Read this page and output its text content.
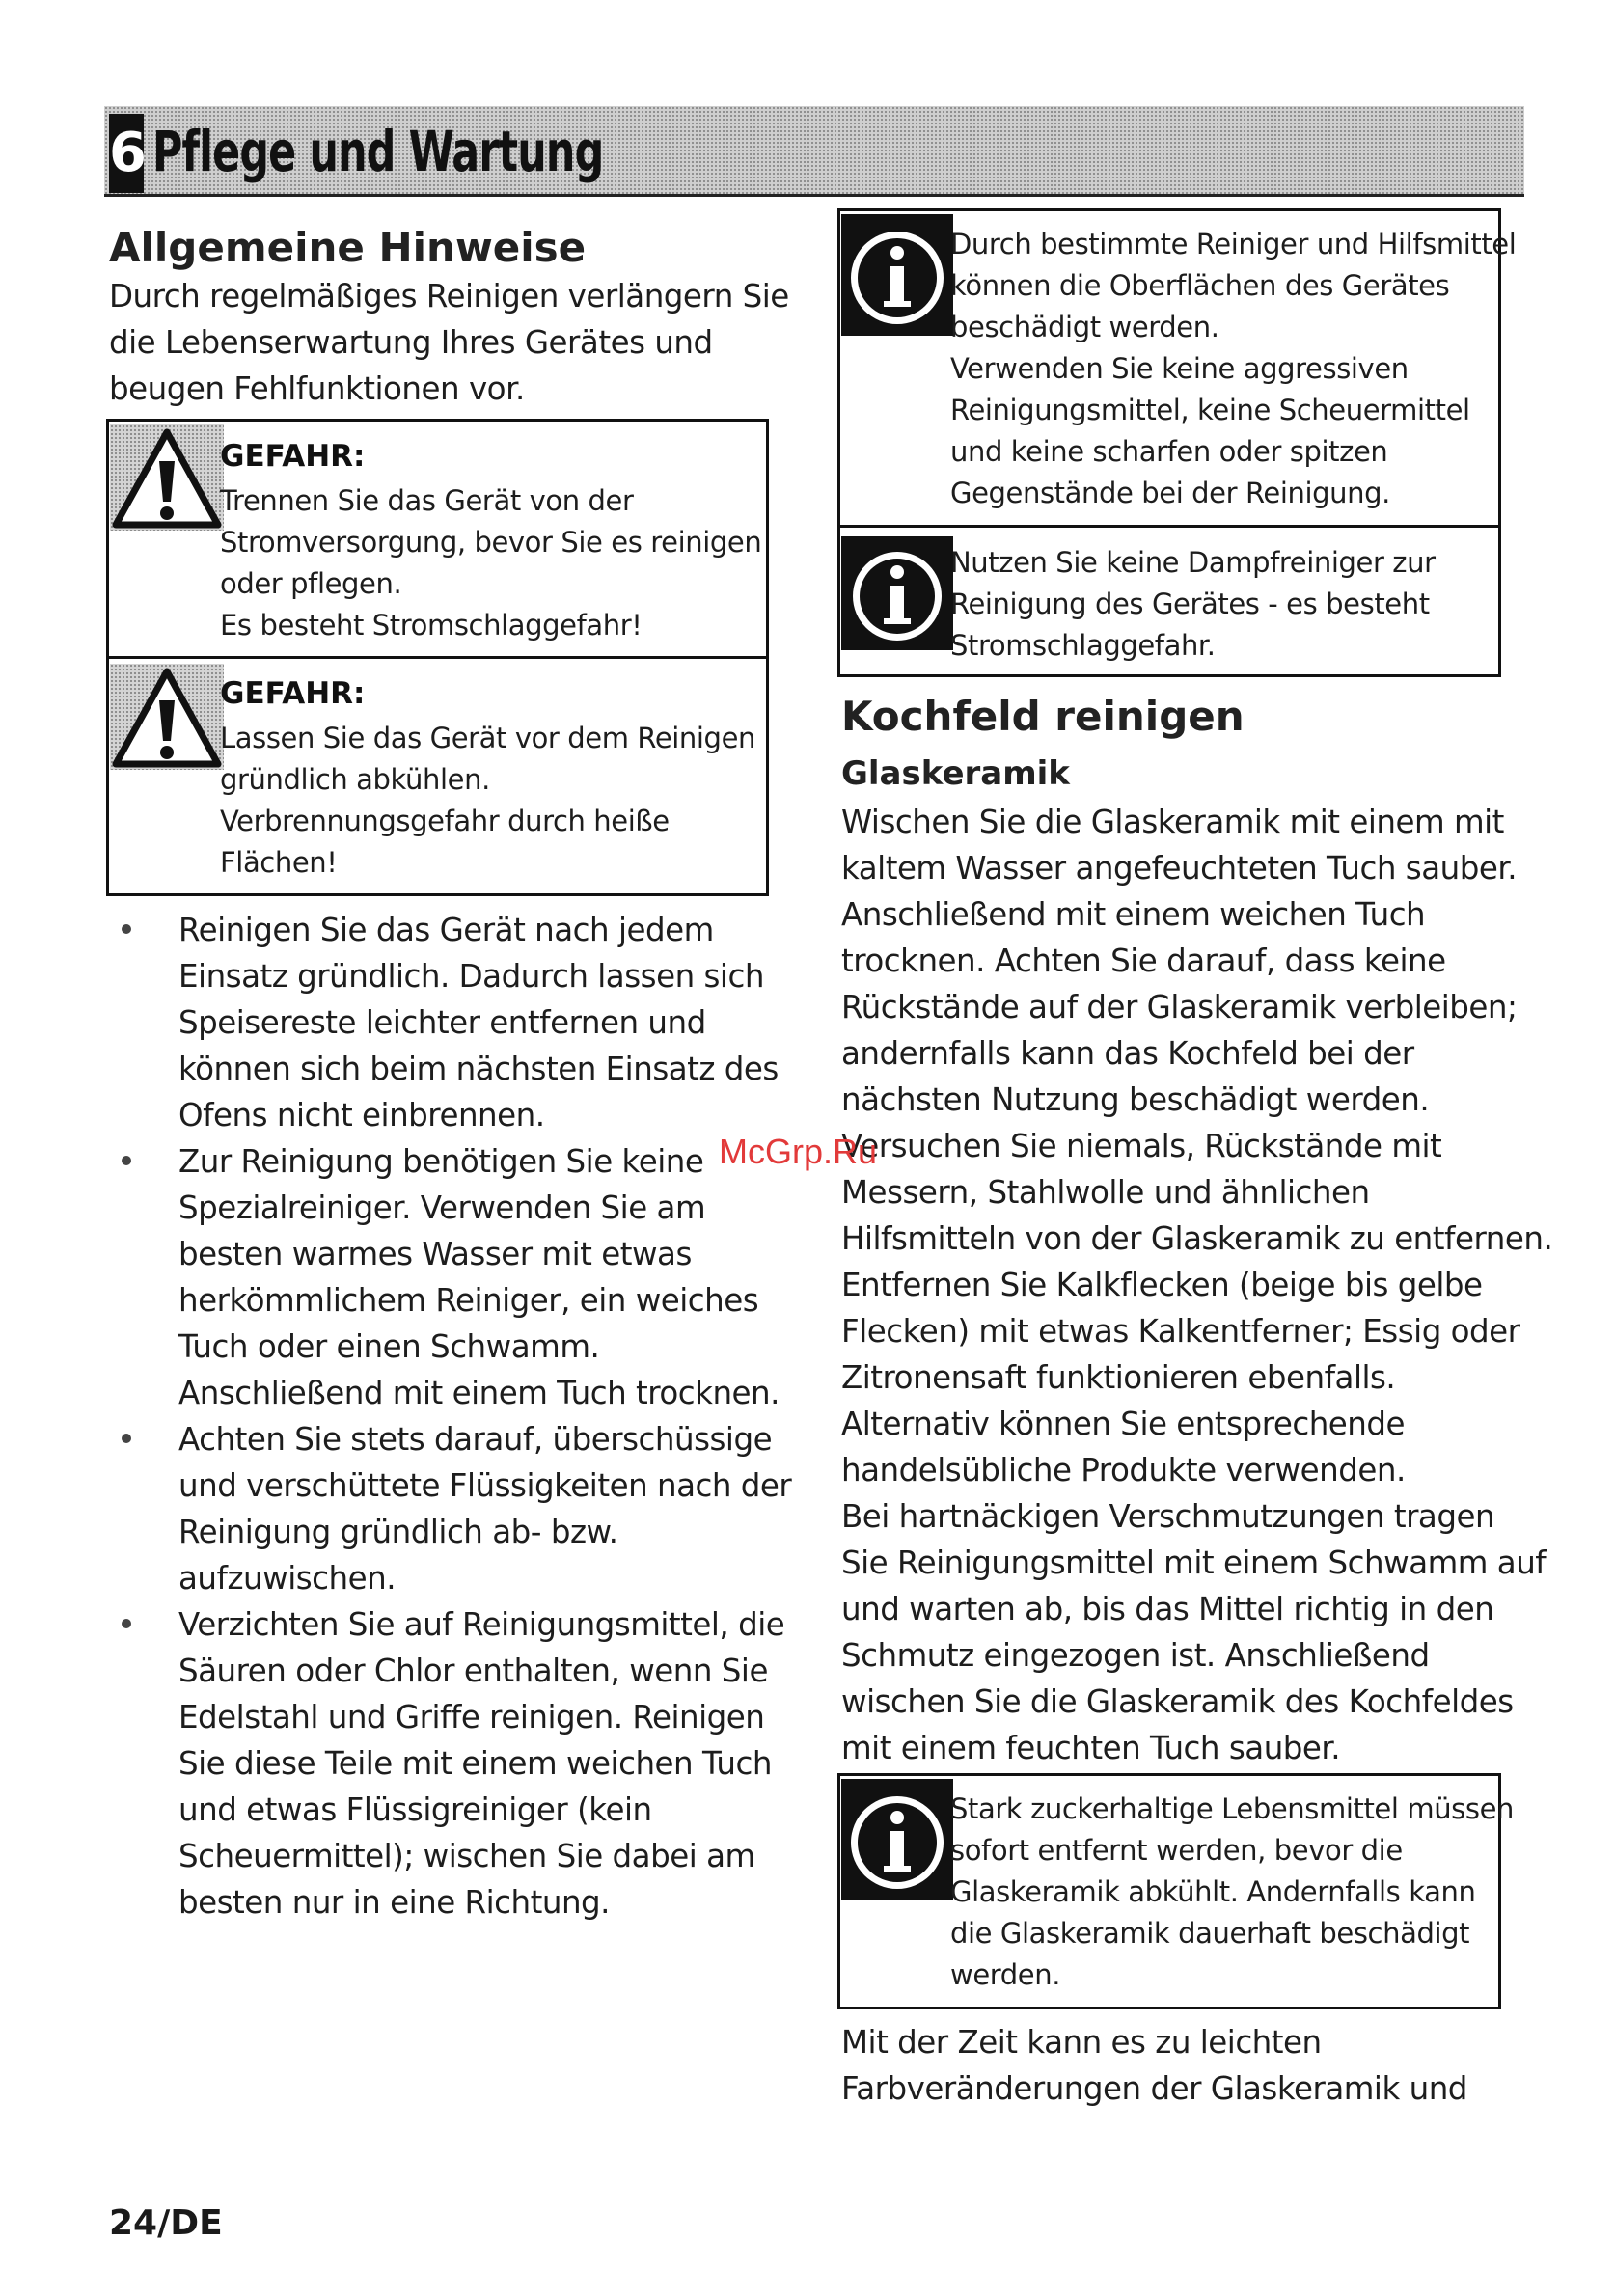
6 Pflege und Wartung
Allgemeine Hinweise
Durch regelmäßiges Reinigen verlängern Sie
die Lebenserwartung Ihres Gerätes und
beugen Fehlfunktionen vor.
GEFAHR:
Trennen Sie das Gerät von der
Stromversorgung, bevor Sie es reinigen
oder pflegen.
Es besteht Stromschlaggefahr!
GEFAHR:
Lassen Sie das Gerät vor dem Reinigen
gründlich abkühlen.
Verbrennungsgefahr durch heiße
Flächen!
Reinigen Sie das Gerät nach jedem
Einsatz gründlich. Dadurch lassen sich
Speisereste leichter entfernen und
können sich beim nächsten Einsatz des
Ofens nicht einbrennen.
Zur Reinigung benötigen Sie keine
Spezialreiniger. Verwenden Sie am
besten warmes Wasser mit etwas
herkömmlichem Reiniger, ein weiches
Tuch oder einen Schwamm.
Anschließend mit einem Tuch trocknen.
Achten Sie stets darauf, überschüssige
und verschüttete Flüssigkeiten nach der
Reinigung gründlich ab- bzw.
aufzuwischen.
Verzichten Sie auf Reinigungsmittel, die
Säuren oder Chlor enthalten, wenn Sie
Edelstahl und Griffe reinigen. Reinigen
Sie diese Teile mit einem weichen Tuch
und etwas Flüssigreiniger (kein
Scheuermittel); wischen Sie dabei am
besten nur in eine Richtung.
Durch bestimmte Reiniger und Hilfsmittel
können die Oberflächen des Gerätes
beschädigt werden.
Verwenden Sie keine aggressiven
Reinigungsmittel, keine Scheuermittel
und keine scharfen oder spitzen
Gegenstände bei der Reinigung.
Nutzen Sie keine Dampfreiniger zur
Reinigung des Gerätes - es besteht
Stromschlaggefahr.
Kochfeld reinigen
Glaskeramik
Wischen Sie die Glaskeramik mit einem mit
kaltem Wasser angefeuchteten Tuch sauber.
Anschließend mit einem weichen Tuch
trocknen. Achten Sie darauf, dass keine
Rückstände auf der Glaskeramik verbleiben;
andernfalls kann das Kochfeld bei der
nächsten Nutzung beschädigt werden.
Versuchen Sie niemals, Rückstände mit
Messern, Stahlwolle und ähnlichen
Hilfsmitteln von der Glaskeramik zu entfernen.
Entfernen Sie Kalkflecken (beige bis gelbe
Flecken) mit etwas Kalkentferner; Essig oder
Zitronensaft funktionieren ebenfalls.
Alternativ können Sie entsprechende
handelsübliche Produkte verwenden.
Bei hartnäckigen Verschmutzungen tragen
Sie Reinigungsmittel mit einem Schwamm auf
und warten ab, bis das Mittel richtig in den
Schmutz eingezogen ist. Anschließend
wischen Sie die Glaskeramik des Kochfeldes
mit einem feuchten Tuch sauber.
Stark zuckerhaltige Lebensmittel müssen
sofort entfernt werden, bevor die
Glaskeramik abkühlt. Andernfalls kann
die Glaskeramik dauerhaft beschädigt
werden.
Mit der Zeit kann es zu leichten
Farbveränderungen der Glaskeramik und
McGrp.Ru
24/DE
